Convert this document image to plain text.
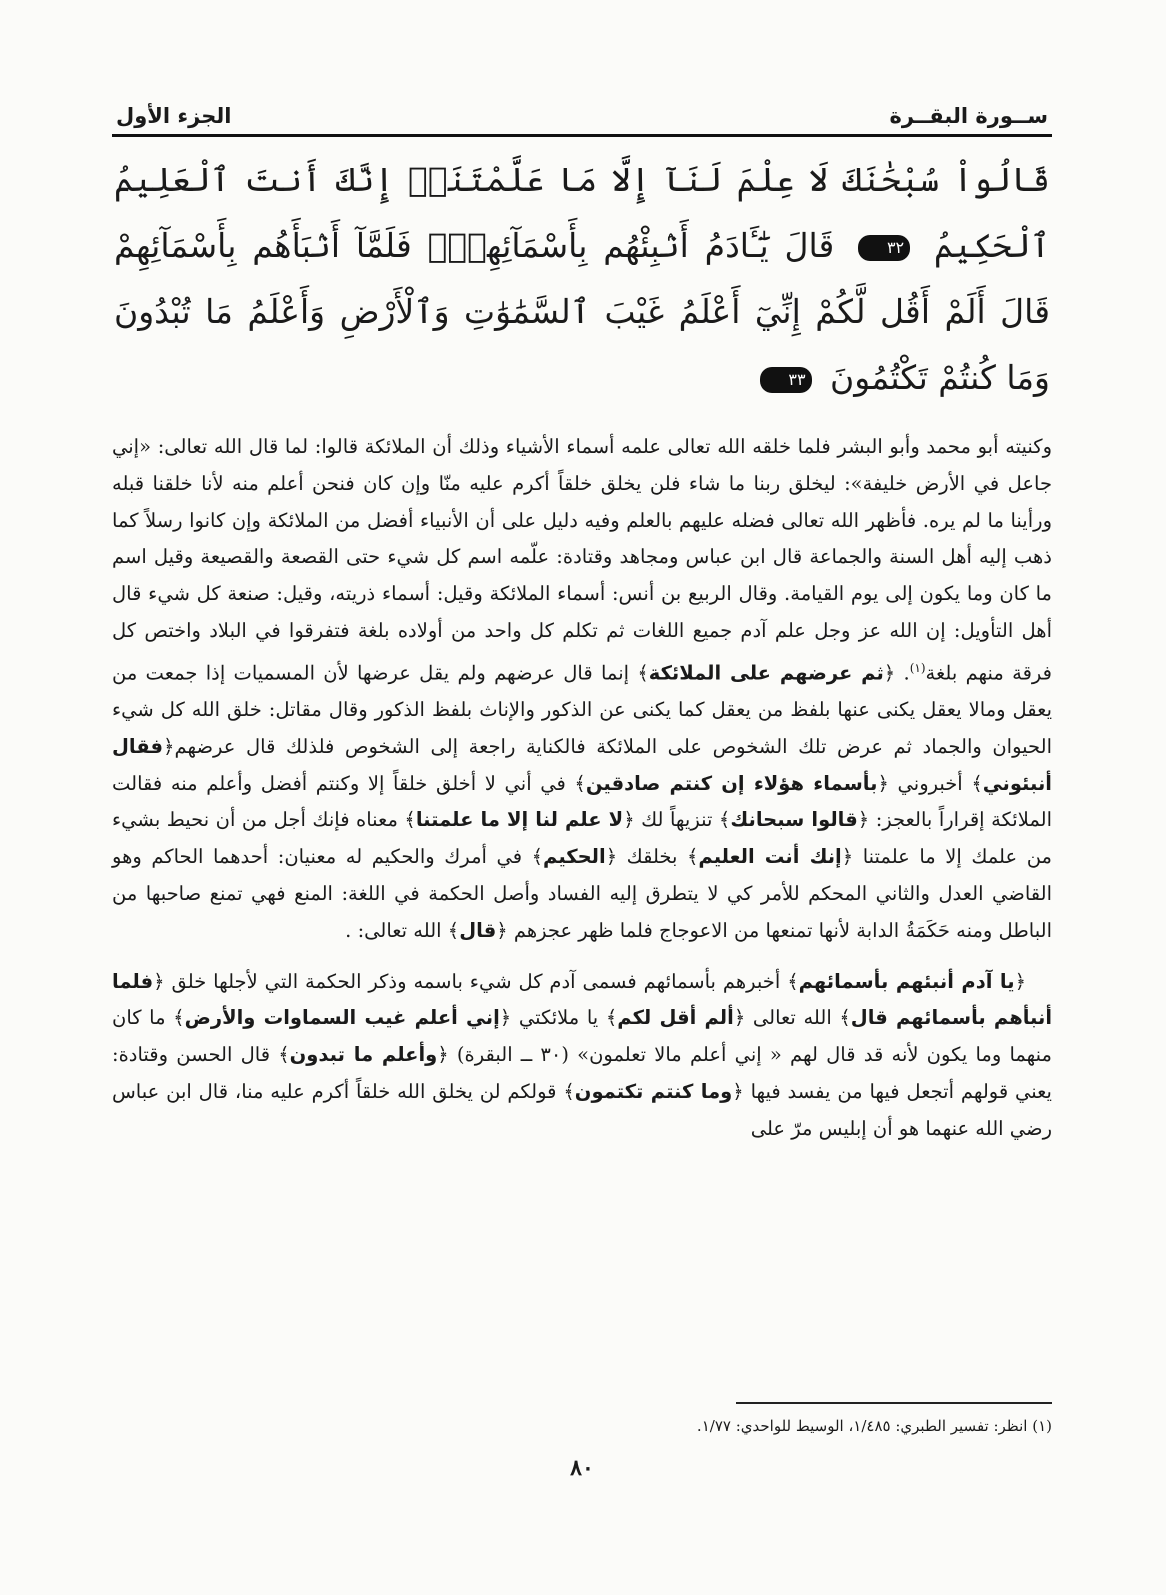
ســورة البقــرة
الجزء الأول
قَالُواْ سُبْحَٰنَكَ لَا عِلْمَ لَنَآ إِلَّا مَا عَلَّمْتَنَآۖ إِنَّكَ أَنتَ ٱلْعَلِيمُ ٱلْحَكِيمُ ٣٢ قَالَ يَٰٓـَٔادَمُ أَنۢبِئْهُم بِأَسْمَآئِهِمْۖ فَلَمَّآ أَنۢبَأَهُم بِأَسْمَآئِهِمْ قَالَ أَلَمْ أَقُل لَّكُمْ إِنِّيٓ أَعْلَمُ غَيْبَ ٱلسَّمَٰوَٰتِ وَٱلْأَرْضِ وَأَعْلَمُ مَا تُبْدُونَ وَمَا كُنتُمْ تَكْتُمُونَ ٣٣

وكنيته أبو محمد وأبو البشر فلما خلقه الله تعالى علمه أسماء الأشياء وذلك أن الملائكة قالوا: لما قال الله تعالى: «إني جاعل في الأرض خليفة»: ليخلق ربنا ما شاء فلن يخلق خلقاً أكرم عليه منّا وإن كان فنحن أعلم منه لأنا خلقنا قبله ورأينا ما لم يره. فأظهر الله تعالى فضله عليهم بالعلم وفيه دليل على أن الأنبياء أفضل من الملائكة وإن كانوا رسلاً كما ذهب إليه أهل السنة والجماعة قال ابن عباس ومجاهد وقتادة: علّمه اسم كل شيء حتى القصعة والقصيعة وقيل اسم ما كان وما يكون إلى يوم القيامة. وقال الربيع بن أنس: أسماء الملائكة وقيل: أسماء ذريته، وقيل: صنعة كل شيء قال أهل التأويل: إن الله عز وجل علم آدم جميع اللغات ثم تكلم كل واحد من أولاده بلغة فتفرقوا في البلاد واختص كل فرقة منهم بلغة$^{(١)}$. ﴿ثم عرضهم على الملائكة﴾ إنما قال عرضهم ولم يقل عرضها لأن المسميات إذا جمعت من يعقل ومالا يعقل يكنى عنها بلفظ من يعقل كما يكنى عن الذكور والإناث بلفظ الذكور وقال مقاتل: خلق الله كل شيء الحيوان والجماد ثم عرض تلك الشخوص على الملائكة فالكناية راجعة إلى الشخوص فلذلك قال عرضهم﴿فقال أنبئوني﴾ أخبروني ﴿بأسماء هؤلاء إن كنتم صادقين﴾ في أني لا أخلق خلقاً إلا وكنتم أفضل وأعلم منه فقالت الملائكة إقراراً بالعجز: ﴿قالوا سبحانك﴾ تنزيهاً لك ﴿لا علم لنا إلا ما علمتنا﴾ معناه فإنك أجل من أن نحيط بشيء من علمك إلا ما علمتنا ﴿إنك أنت العليم﴾ بخلقك ﴿الحكيم﴾ في أمرك والحكيم له معنيان: أحدهما الحاكم وهو القاضي العدل والثاني المحكم للأمر كي لا يتطرق إليه الفساد وأصل الحكمة في اللغة: المنع فهي تمنع صاحبها من الباطل ومنه حَكَمَةُ الدابة لأنها تمنعها من الاعوجاج فلما ظهر عجزهم ﴿قال﴾ الله تعالى: .

﴿يا آدم أنبئهم بأسمائهم﴾ أخبرهم بأسمائهم فسمى آدم كل شيء باسمه وذكر الحكمة التي لأجلها خلق ﴿فلما أنبأهم بأسمائهم قال﴾ الله تعالى ﴿ألم أقل لكم﴾ يا ملائكتي ﴿إني أعلم غيب السماوات والأرض﴾ ما كان منهما وما يكون لأنه قد قال لهم « إني أعلم مالا تعلمون» (٣٠ ــ البقرة) ﴿وأعلم ما تبدون﴾ قال الحسن وقتادة: يعني قولهم أتجعل فيها من يفسد فيها ﴿وما كنتم تكتمون﴾ قولكم لن يخلق الله خلقاً أكرم عليه منا، قال ابن عباس رضي الله عنهما هو أن إبليس مرّ على

(١) انظر: تفسير الطبري: ١/٤٨٥، الوسيط للواحدي: ١/٧٧.
٨٠
